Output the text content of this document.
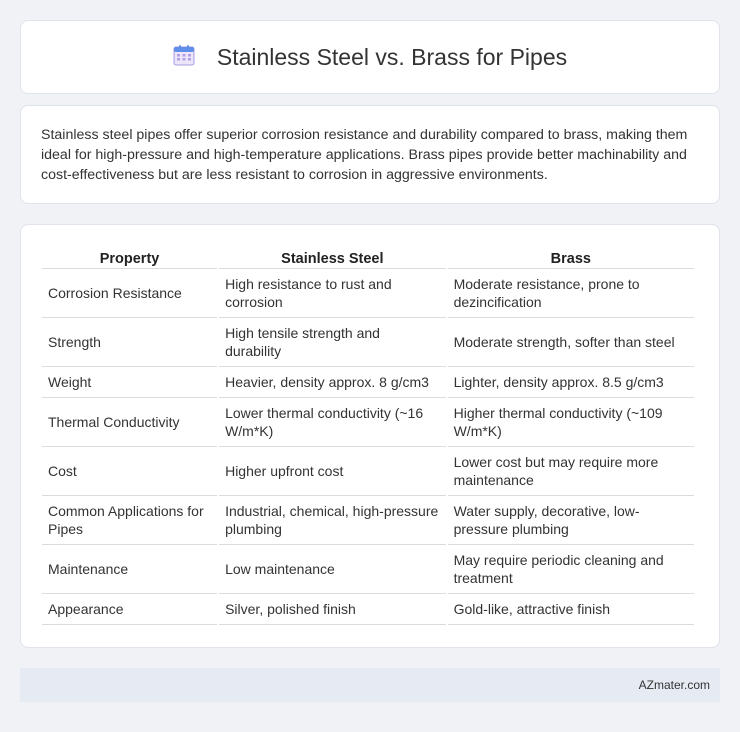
Stainless Steel vs. Brass for Pipes

Stainless steel pipes offer superior corrosion resistance and durability compared to brass, making them ideal for high-pressure and high-temperature applications. Brass pipes provide better machinability and cost-effectiveness but are less resistant to corrosion in aggressive environments.

Property	Stainless Steel	Brass
Corrosion Resistance	High resistance to rust and corrosion	Moderate resistance, prone to dezincification
Strength	High tensile strength and durability	Moderate strength, softer than steel
Weight	Heavier, density approx. 8 g/cm3	Lighter, density approx. 8.5 g/cm3
Thermal Conductivity	Lower thermal conductivity (~16 W/m*K)	Higher thermal conductivity (~109 W/m*K)
Cost	Higher upfront cost	Lower cost but may require more maintenance
Common Applications for Pipes	Industrial, chemical, high-pressure plumbing	Water supply, decorative, low-pressure plumbing
Maintenance	Low maintenance	May require periodic cleaning and treatment
Appearance	Silver, polished finish	Gold-like, attractive finish
AZmater.com
